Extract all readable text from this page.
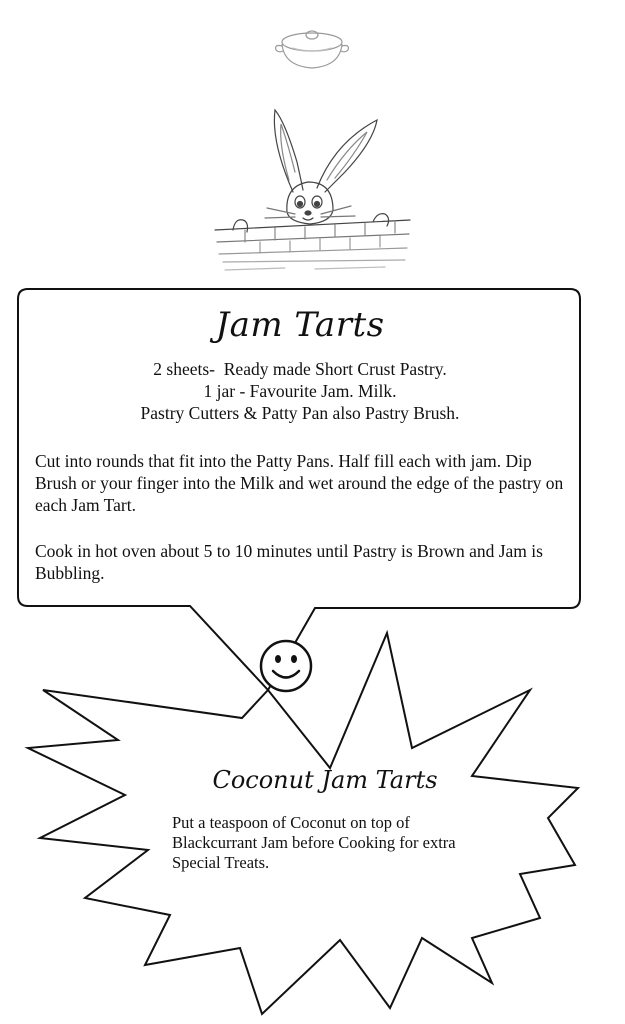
Jam Tarts
2 sheets-  Ready made Short Crust Pastry.
1 jar - Favourite Jam. Milk.
Pastry Cutters & Patty Pan also Pastry Brush.
Cut into rounds that fit into the Patty Pans. Half fill each with jam. Dip Brush or your finger into the Milk and wet around the edge of the pastry on each Jam Tart.
Cook in hot oven about 5 to 10 minutes until Pastry is Brown and Jam is Bubbling.
Coconut Jam Tarts
Put a teaspoon of Coconut on top of Blackcurrant Jam before Cooking for extra Special Treats.
